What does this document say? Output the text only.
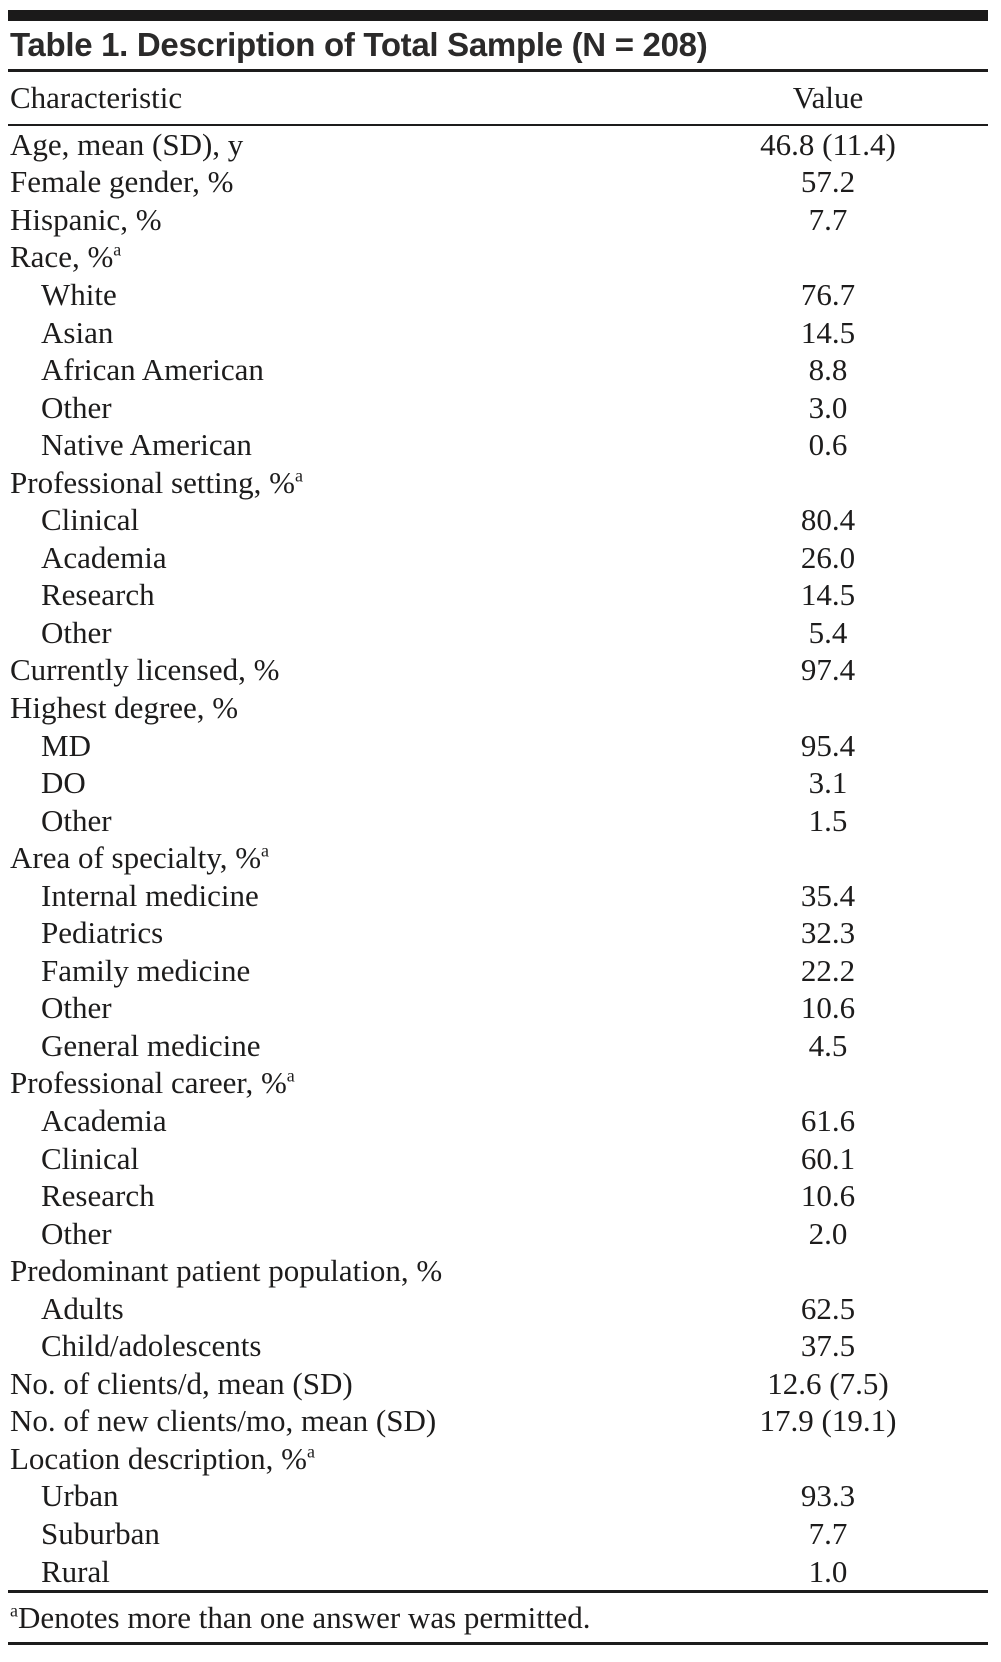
Table 1. Description of Total Sample (N = 208)
Characteristic	Value
Age, mean (SD), y	46.8 (11.4)
Female gender, %	57.2
Hispanic, %	7.7
Race, %$^a$
White	76.7
Asian	14.5
African American	8.8
Other	3.0
Native American	0.6
Professional setting, %$^a$
Clinical	80.4
Academia	26.0
Research	14.5
Other	5.4
Currently licensed, %	97.4
Highest degree, %
MD	95.4
DO	3.1
Other	1.5
Area of specialty, %$^a$
Internal medicine	35.4
Pediatrics	32.3
Family medicine	22.2
Other	10.6
General medicine	4.5
Professional career, %$^a$
Academia	61.6
Clinical	60.1
Research	10.6
Other	2.0
Predominant patient population, %
Adults	62.5
Child/adolescents	37.5
No. of clients/d, mean (SD)	12.6 (7.5)
No. of new clients/mo, mean (SD)	17.9 (19.1)
Location description, %$^a$
Urban	93.3
Suburban	7.7
Rural	1.0
$^a$Denotes more than one answer was permitted.
